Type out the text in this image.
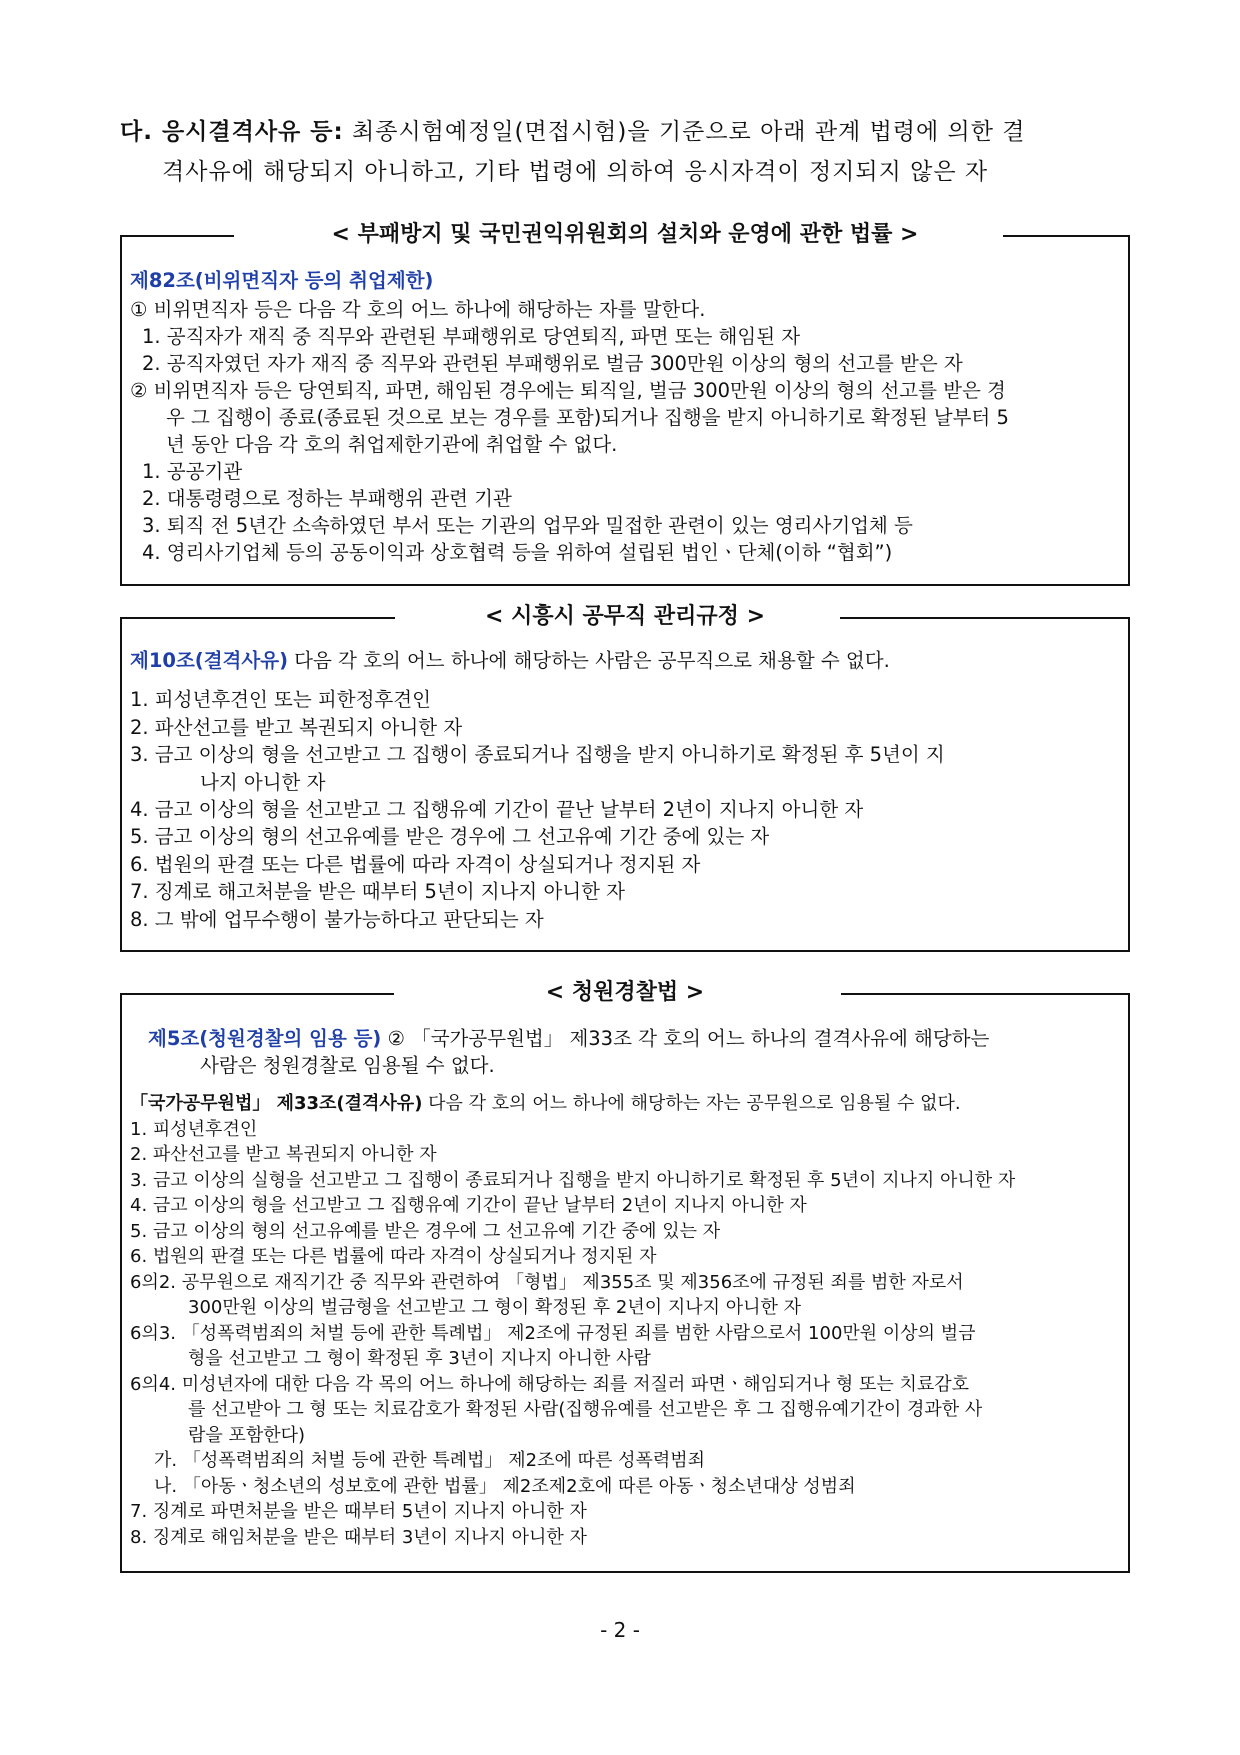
다. 응시결격사유 등: 최종시험예정일(면접시험)을 기준으로 아래 관계 법령에 의한 결
격사유에 해당되지 아니하고, 기타 법령에 의하여 응시자격이 정지되지 않은 자
< 부패방지 및 국민권익위원회의 설치와 운영에 관한 법률 >
제82조(비위면직자 등의 취업제한)
① 비위면직자 등은 다음 각 호의 어느 하나에 해당하는 자를 말한다.
1. 공직자가 재직 중 직무와 관련된 부패행위로 당연퇴직, 파면 또는 해임된 자
2. 공직자였던 자가 재직 중 직무와 관련된 부패행위로 벌금 300만원 이상의 형의 선고를 받은 자
② 비위면직자 등은 당연퇴직, 파면, 해임된 경우에는 퇴직일, 벌금 300만원 이상의 형의 선고를 받은 경
우 그 집행이 종료(종료된 것으로 보는 경우를 포함)되거나 집행을 받지 아니하기로 확정된 날부터 5
년 동안 다음 각 호의 취업제한기관에 취업할 수 없다.
1. 공공기관
2. 대통령령으로 정하는 부패행위 관련 기관
3. 퇴직 전 5년간 소속하였던 부서 또는 기관의 업무와 밀접한 관련이 있는 영리사기업체 등
4. 영리사기업체 등의 공동이익과 상호협력 등을 위하여 설립된 법인ㆍ단체(이하 “협회”)
< 시흥시 공무직 관리규정 >
제10조(결격사유) 다음 각 호의 어느 하나에 해당하는 사람은 공무직으로 채용할 수 없다.
1. 피성년후견인 또는 피한정후견인
2. 파산선고를 받고 복권되지 아니한 자
3. 금고 이상의 형을 선고받고 그 집행이 종료되거나 집행을 받지 아니하기로 확정된 후 5년이 지
나지 아니한 자
4. 금고 이상의 형을 선고받고 그 집행유예 기간이 끝난 날부터 2년이 지나지 아니한 자
5. 금고 이상의 형의 선고유예를 받은 경우에 그 선고유예 기간 중에 있는 자
6. 법원의 판결 또는 다른 법률에 따라 자격이 상실되거나 정지된 자
7. 징계로 해고처분을 받은 때부터 5년이 지나지 아니한 자
8. 그 밖에 업무수행이 불가능하다고 판단되는 자
< 청원경찰법 >
제5조(청원경찰의 임용 등) ② 「국가공무원법」 제33조 각 호의 어느 하나의 결격사유에 해당하는
사람은 청원경찰로 임용될 수 없다.
「국가공무원법」 제33조(결격사유) 다음 각 호의 어느 하나에 해당하는 자는 공무원으로 임용될 수 없다.
1. 피성년후견인
2. 파산선고를 받고 복권되지 아니한 자
3. 금고 이상의 실형을 선고받고 그 집행이 종료되거나 집행을 받지 아니하기로 확정된 후 5년이 지나지 아니한 자
4. 금고 이상의 형을 선고받고 그 집행유예 기간이 끝난 날부터 2년이 지나지 아니한 자
5. 금고 이상의 형의 선고유예를 받은 경우에 그 선고유예 기간 중에 있는 자
6. 법원의 판결 또는 다른 법률에 따라 자격이 상실되거나 정지된 자
6의2. 공무원으로 재직기간 중 직무와 관련하여 「형법」 제355조 및 제356조에 규정된 죄를 범한 자로서
300만원 이상의 벌금형을 선고받고 그 형이 확정된 후 2년이 지나지 아니한 자
6의3. 「성폭력범죄의 처벌 등에 관한 특례법」 제2조에 규정된 죄를 범한 사람으로서 100만원 이상의 벌금
형을 선고받고 그 형이 확정된 후 3년이 지나지 아니한 사람
6의4. 미성년자에 대한 다음 각 목의 어느 하나에 해당하는 죄를 저질러 파면ㆍ해임되거나 형 또는 치료감호
를 선고받아 그 형 또는 치료감호가 확정된 사람(집행유예를 선고받은 후 그 집행유예기간이 경과한 사
람을 포함한다)
가. 「성폭력범죄의 처벌 등에 관한 특례법」 제2조에 따른 성폭력범죄
나. 「아동ㆍ청소년의 성보호에 관한 법률」 제2조제2호에 따른 아동ㆍ청소년대상 성범죄
7. 징계로 파면처분을 받은 때부터 5년이 지나지 아니한 자
8. 징계로 해임처분을 받은 때부터 3년이 지나지 아니한 자
- 2 -
